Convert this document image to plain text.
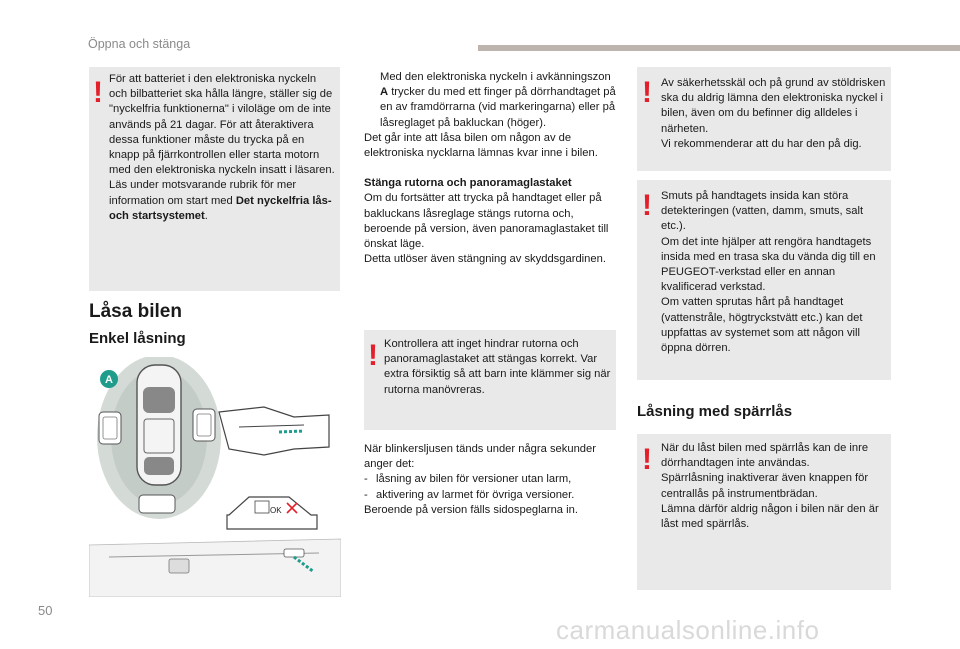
Öppna och stänga
! För att batteriet i den elektroniska nyckeln och bilbatteriet ska hålla längre, ställer sig de "nyckelfria funktionerna" i viloläge om de inte används på 21 dagar. För att återaktivera dessa funktioner måste du trycka på en knapp på fjärrkontrollen eller starta motorn med den elektroniska nyckeln insatt i läsaren.

Läs under motsvarande rubrik för mer information om start med Det nyckelfria lås- och startsystemet.

Låsa bilen
Enkel låsning
A
OK
Med den elektroniska nyckeln i avkänningszon A trycker du med ett finger på dörrhandtaget på en av framdörrarna (vid markeringarna) eller på låsreglaget på bakluckan (höger).

Det går inte att låsa bilen om någon av de elektroniska nycklarna lämnas kvar inne i bilen.

Stänga rutorna och panoramaglastaket

Om du fortsätter att trycka på handtaget eller på bakluckans låsreglage stängs rutorna och, beroende på version, även panoramaglastaket till önskat läge.

Detta utlöser även stängning av skyddsgardinen.

! Kontrollera att inget hindrar rutorna och panoramaglastaket att stängas korrekt. Var extra försiktig så att barn inte klämmer sig när rutorna manövreras.

När blinkersljusen tänds under några sekunder anger det:

- låsning av bilen för versioner utan larm,
- aktivering av larmet för övriga versioner.

Beroende på version fälls sidospeglarna in.

! Av säkerhetsskäl och på grund av stöldrisken ska du aldrig lämna den elektroniska nyckel i bilen, även om du befinner dig alldeles i närheten.

Vi rekommenderar att du har den på dig.

! Smuts på handtagets insida kan störa detekteringen (vatten, damm, smuts, salt etc.).

Om det inte hjälper att rengöra handtagets insida med en trasa ska du vända dig till en PEUGEOT-verkstad eller en annan kvalificerad verkstad.

Om vatten sprutas hårt på handtaget (vattenstråle, högtryckstvätt etc.) kan det uppfattas av systemet som att någon vill öppna dörren.

Låsning med spärrlås
! När du låst bilen med spärrlås kan de inre dörrhandtagen inte användas.

Spärrlåsning inaktiverar även knappen för centrallås på instrumentbrädan.

Lämna därför aldrig någon i bilen när den är låst med spärrlås.

50
carmanualsonline.info
